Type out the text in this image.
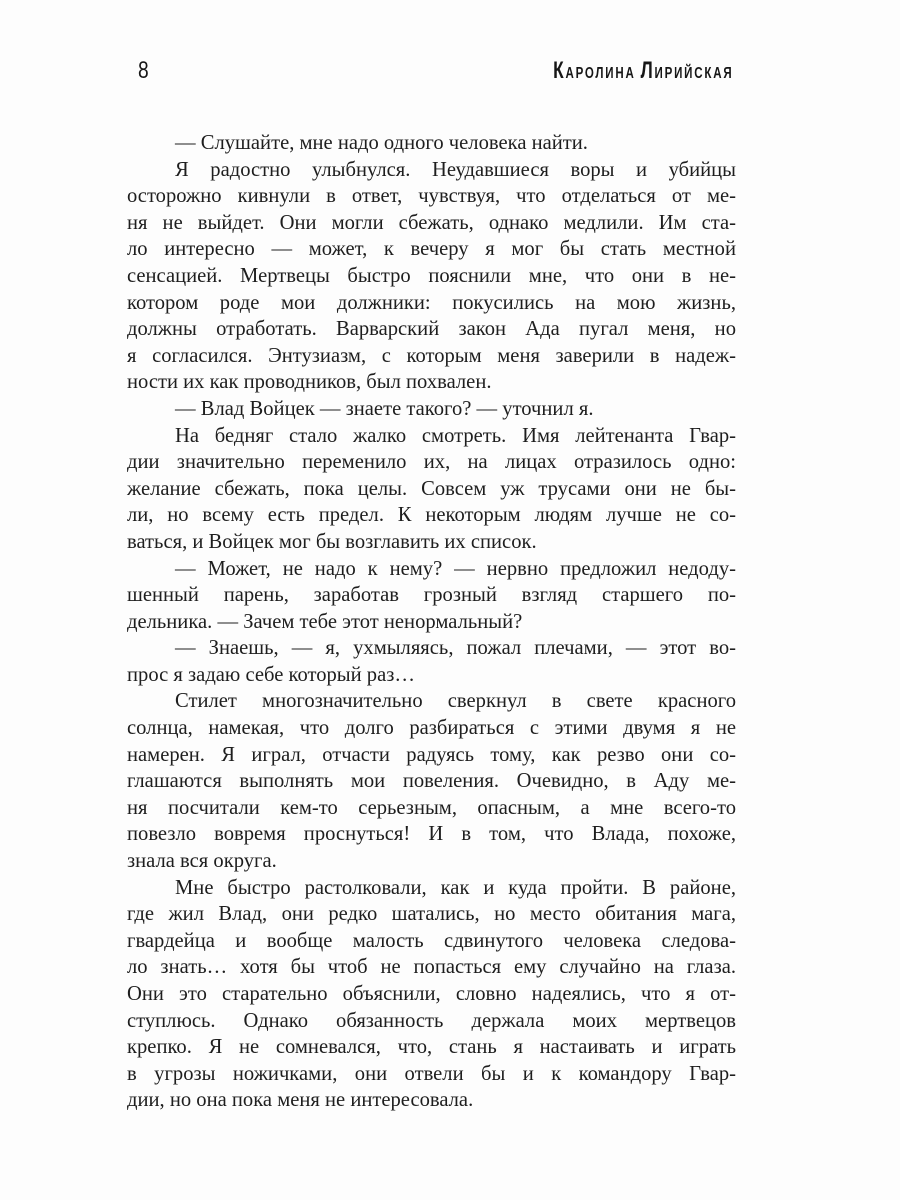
8	КАРОЛИНА ЛИРИЙСКАЯ
— Слушайте, мне надо одного человека найти.
Я радостно улыбнулся. Неудавшиеся воры и убийцы
осторожно кивнули в ответ, чувствуя, что отделаться от ме-
ня не выйдет. Они могли сбежать, однако медлили. Им ста-
ло интересно — может, к вечеру я мог бы стать местной
сенсацией. Мертвецы быстро пояснили мне, что они в не-
котором роде мои должники: покусились на мою жизнь,
должны отработать. Варварский закон Ада пугал меня, но
я согласился. Энтузиазм, с которым меня заверили в надеж-
ности их как проводников, был похвален.
— Влад Войцек — знаете такого? — уточнил я.
На бедняг стало жалко смотреть. Имя лейтенанта Гвар-
дии значительно переменило их, на лицах отразилось одно:
желание сбежать, пока целы. Совсем уж трусами они не бы-
ли, но всему есть предел. К некоторым людям лучше не со-
ваться, и Войцек мог бы возглавить их список.
— Может, не надо к нему? — нервно предложил недоду-
шенный парень, заработав грозный взгляд старшего по-
дельника. — Зачем тебе этот ненормальный?
— Знаешь, — я, ухмыляясь, пожал плечами, — этот во-
прос я задаю себе который раз…
Стилет многозначительно сверкнул в свете красного
солнца, намекая, что долго разбираться с этими двумя я не
намерен. Я играл, отчасти радуясь тому, как резво они со-
глашаются выполнять мои повеления. Очевидно, в Аду ме-
ня посчитали кем-то серьезным, опасным, а мне всего-то
повезло вовремя проснуться! И в том, что Влада, похоже,
знала вся округа.
Мне быстро растолковали, как и куда пройти. В районе,
где жил Влад, они редко шатались, но место обитания мага,
гвардейца и вообще малость сдвинутого человека следова-
ло знать… хотя бы чтоб не попасться ему случайно на глаза.
Они это старательно объяснили, словно надеялись, что я от-
ступлюсь. Однако обязанность держала моих мертвецов
крепко. Я не сомневался, что, стань я настаивать и играть
в угрозы ножичками, они отвели бы и к командору Гвар-
дии, но она пока меня не интересовала.
